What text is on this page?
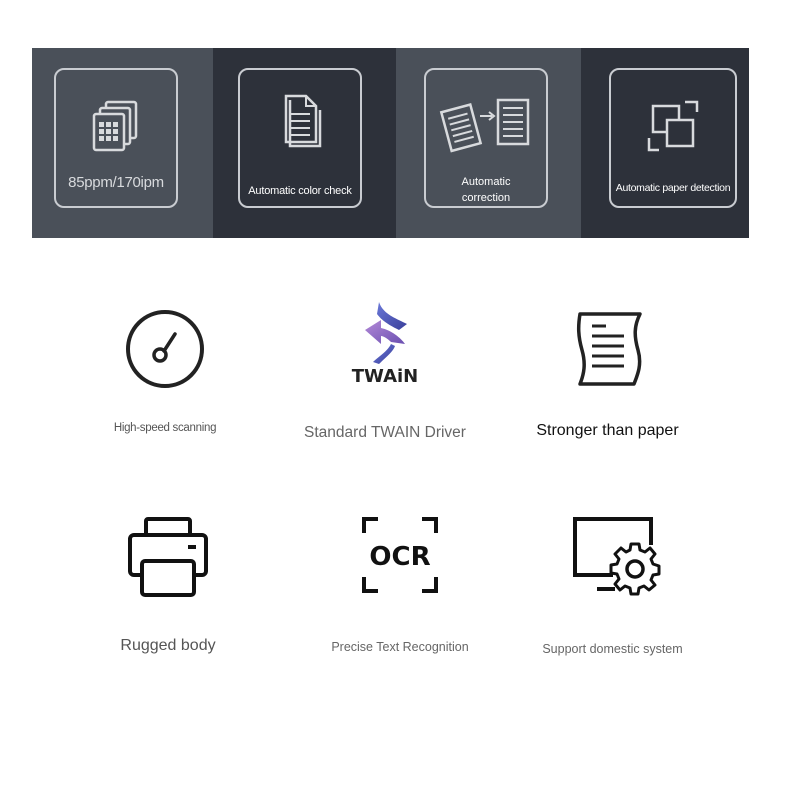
85ppm/170ipm	Automatic color check
Automatic
correction
Automatic paper detection
High-speed scanning
TWAiN
Standard TWAIN Driver	Stronger than paper
Rugged body
OCR
Precise Text Recognition	Support domestic system
